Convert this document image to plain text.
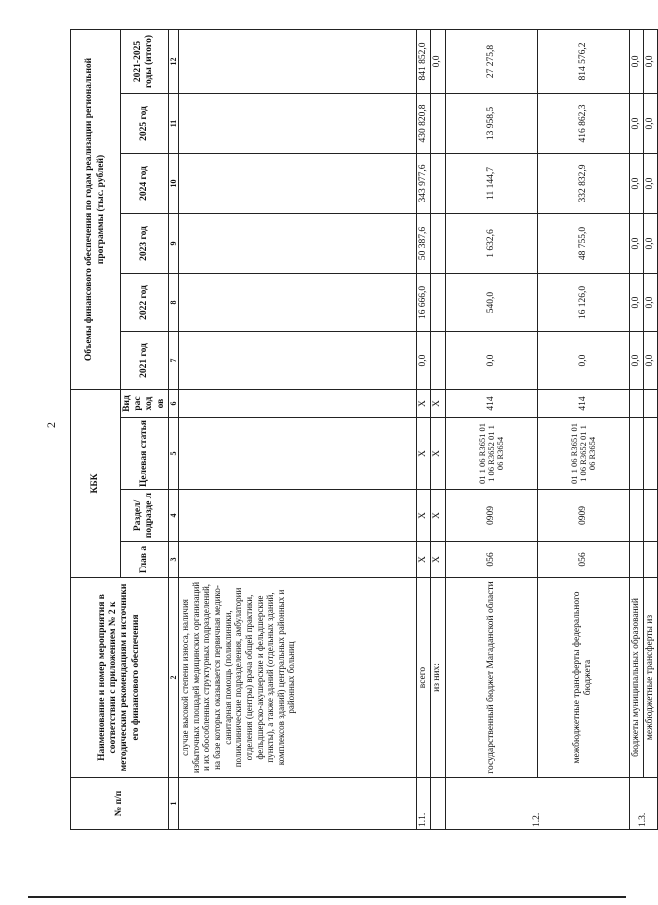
2
№ п/п	Наименование и номер мероприятия в соответствии с приложением № 2 к методическим рекомендациям и источники его финансового обеспечения	КБК				Объемы финансового обеспечения по годам реализации региональной программы (тыс. рублей)					
		Глав а	Раздел/ подразде л	Целевая статья	Вид рас ход ов	2021 год	2022 год	2023 год	2024 год	2025 год	2021-2025 годы (итого)
1	2	3	4	5	6	7	8	9	10	11	12
	случае высокой степени износа, наличия избыточных площадей медицинских организаций и их обособленных структурных подразделений, на базе которых оказывается первичная медико-санитарная помощь (поликлиники, поликлинические подразделения, амбулатории отделения (центры) врача общей практики, фельдшерско-акушерские и фельдшерские пункты), а также зданий (отдельных зданий, комплексов зданий) центральных районных и районных больниц										
1.1.	всего	Х	Х	Х	Х	0,0	16 666,0	50 387,6	343 977,6	430 820,8	841 852,0
	из них:	Х	Х	Х	Х						0,0
1.2.	государственный бюджет Магаданской области	056	0909	01 1 06 R3651 01 1 06 R3652 01 1 06 R3654	414	0,0	540,0	1 632,6	11 144,7	13 958,5	27 275,8
	межбюджетные трансферты федерального бюджета	056	0909	01 1 06 R3651 01 1 06 R3652 01 1 06 R3654	414	0,0	16 126,0	48 755,0	332 832,9	416 862,3	814 576,2
1.3.	бюджеты муниципальных образований					0,0	0,0	0,0	0,0	0,0	0,0
	межбюджетные трансферты из					0,0	0,0	0,0	0,0	0,0	0,0
